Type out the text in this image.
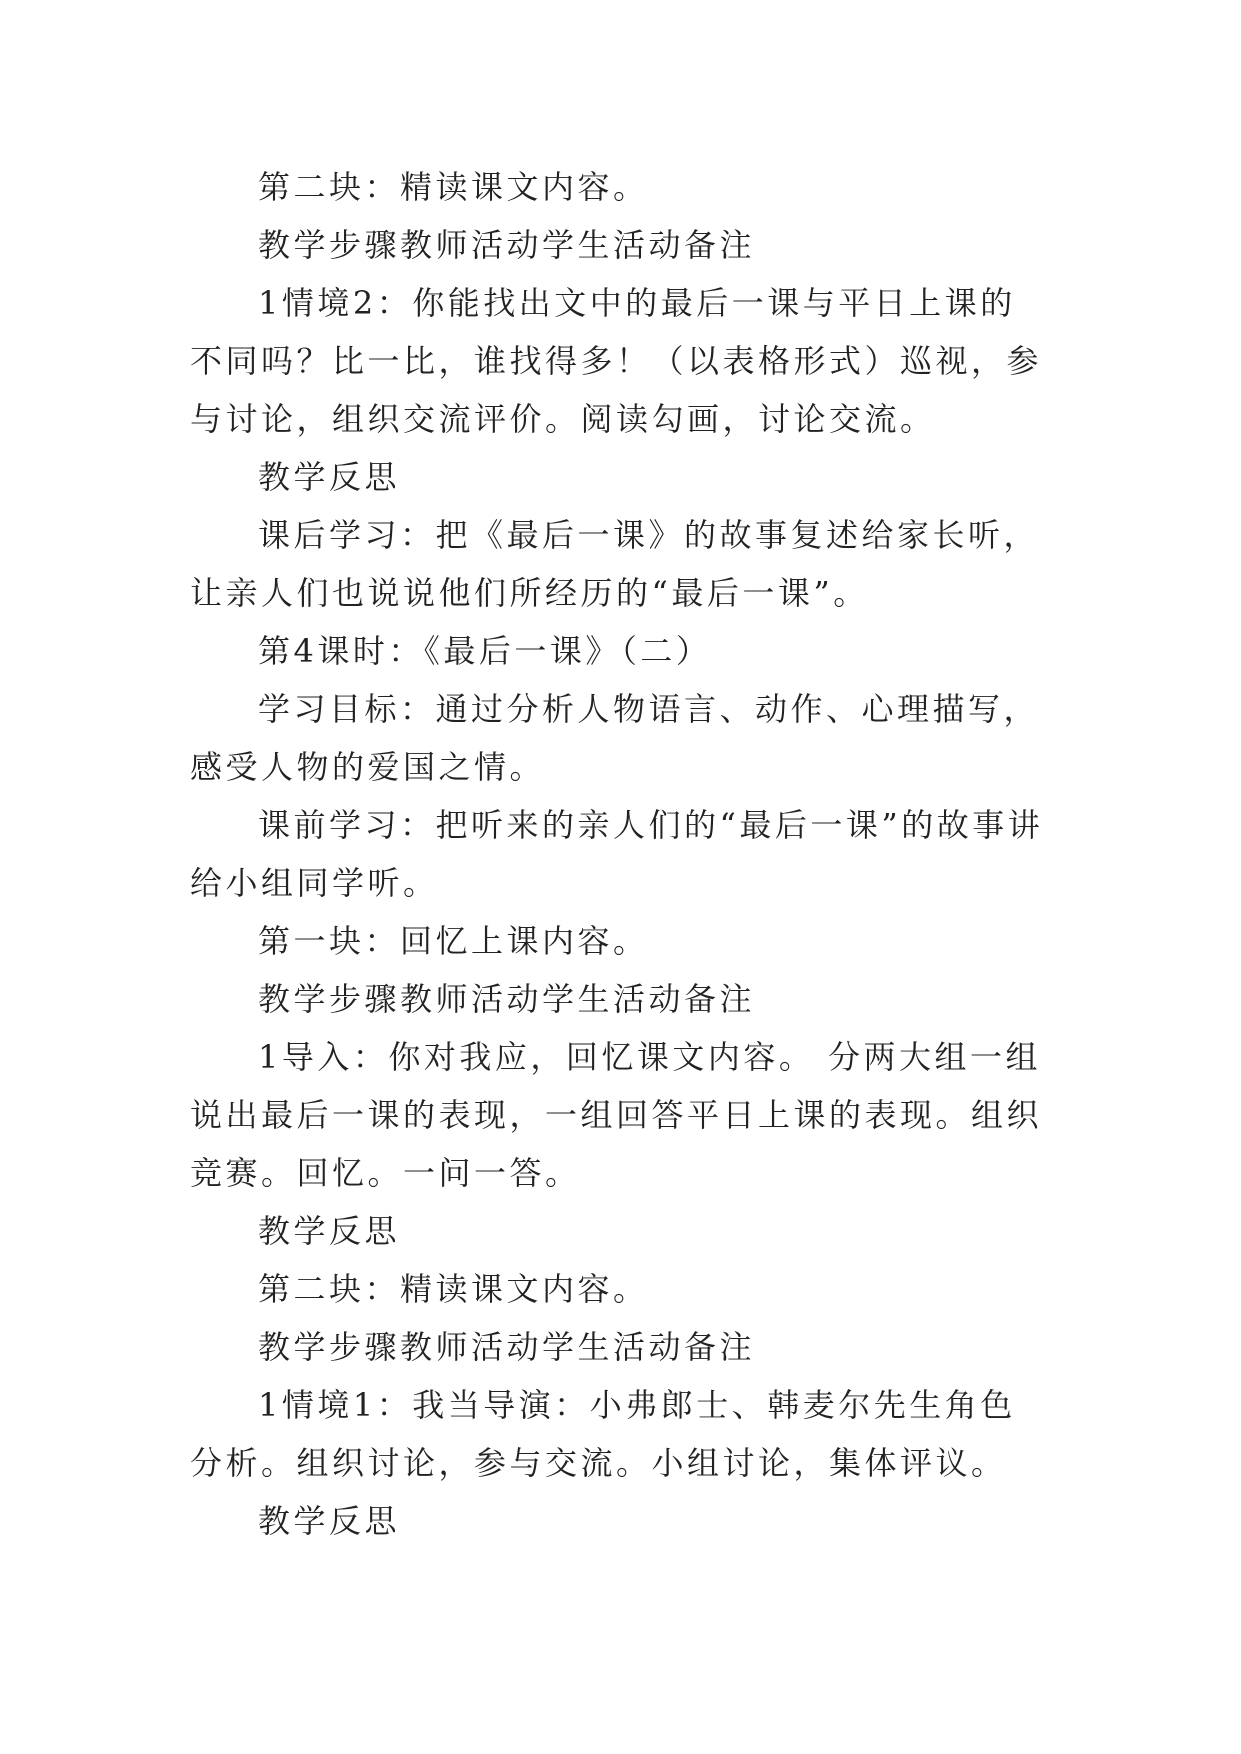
第二块：精读课文内容。

教学步骤教师活动学生活动备注

1情境2：你能找出文中的最后一课与平日上课的不同吗？比一比，谁找得多！（以表格形式）巡视，参与讨论，组织交流评价。阅读勾画，讨论交流。

教学反思

课后学习：把《最后一课》的故事复述给家长听，让亲人们也说说他们所经历的“最后一课”。

第4课时：《最后一课》（二）

学习目标：通过分析人物语言、动作、心理描写，感受人物的爱国之情。

课前学习：把听来的亲人们的“最后一课”的故事讲给小组同学听。

第一块：回忆上课内容。

教学步骤教师活动学生活动备注

1导入：你对我应，回忆课文内容。 分两大组一组说出最后一课的表现，一组回答平日上课的表现。组织竞赛。回忆。一问一答。

教学反思

第二块：精读课文内容。

教学步骤教师活动学生活动备注

1情境1：我当导演：小弗郎士、韩麦尔先生角色分析。组织讨论，参与交流。小组讨论，集体评议。

教学反思
